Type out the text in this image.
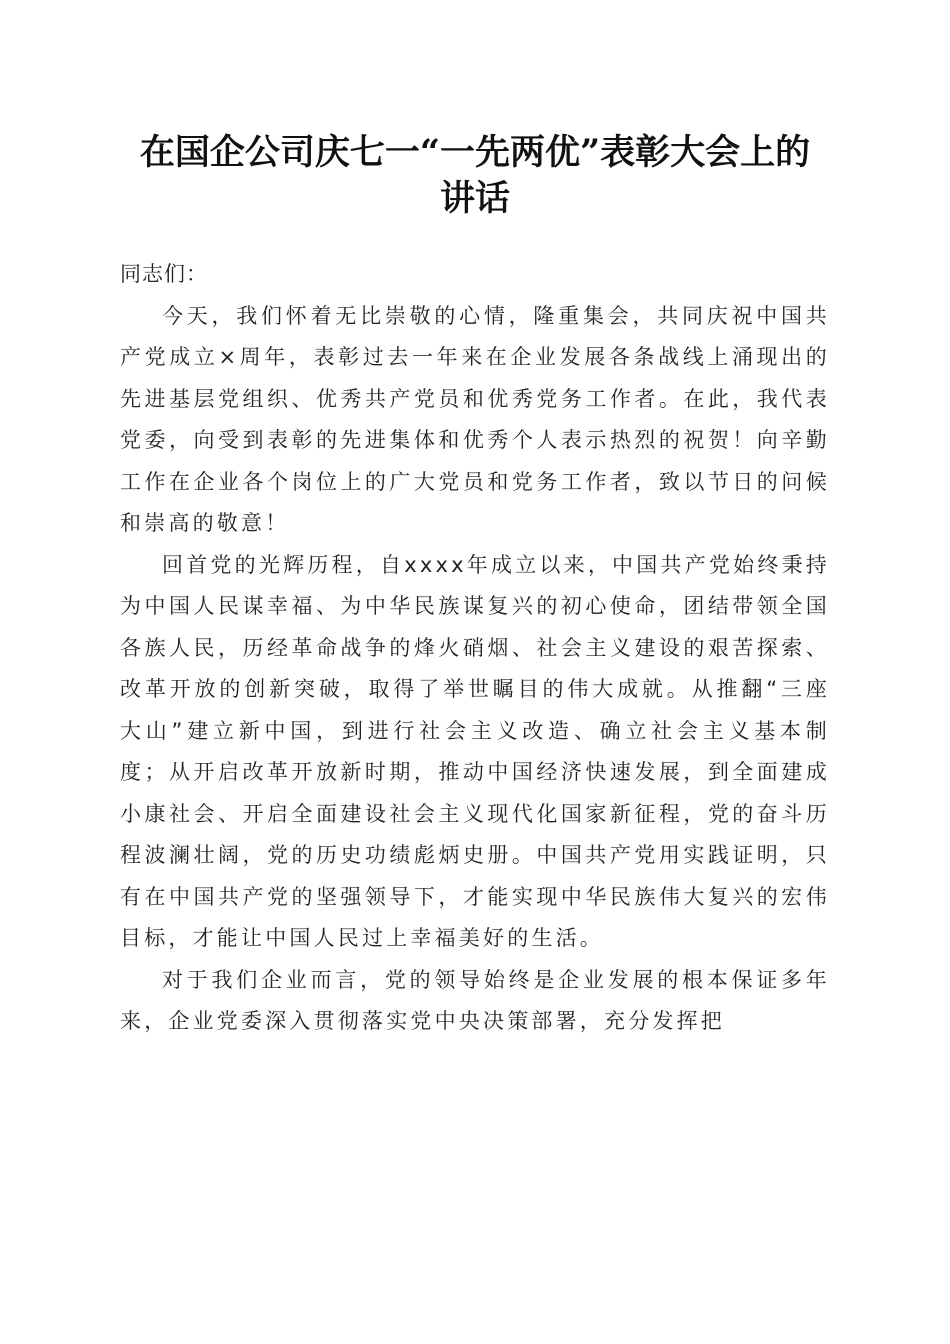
在国企公司庆七一“一先两优”表彰大会上的
讲话

同志们：

今天，我们怀着无比崇敬的心情，隆重集会，共同庆祝中国共产党成立×周年，表彰过去一年来在企业发展各条战线上涌现出的先进基层党组织、优秀共产党员和优秀党务工作者。在此，我代表党委，向受到表彰的先进集体和优秀个人表示热烈的祝贺！向辛勤工作在企业各个岗位上的广大党员和党务工作者，致以节日的问候和崇高的敬意！

回首党的光辉历程，自xxxx年成立以来，中国共产党始终秉持为中国人民谋幸福、为中华民族谋复兴的初心使命，团结带领全国各族人民，历经革命战争的烽火硝烟、社会主义建设的艰苦探索、改革开放的创新突破，取得了举世瞩目的伟大成就。从推翻“三座大山”建立新中国，到进行社会主义改造、确立社会主义基本制度；从开启改革开放新时期，推动中国经济快速发展，到全面建成小康社会、开启全面建设社会主义现代化国家新征程，党的奋斗历程波澜壮阔，党的历史功绩彪炳史册。中国共产党用实践证明，只有在中国共产党的坚强领导下，才能实现中华民族伟大复兴的宏伟目标，才能让中国人民过上幸福美好的生活。

对于我们企业而言，党的领导始终是企业发展的根本保证多年来，企业党委深入贯彻落实党中央决策部署，充分发挥把
